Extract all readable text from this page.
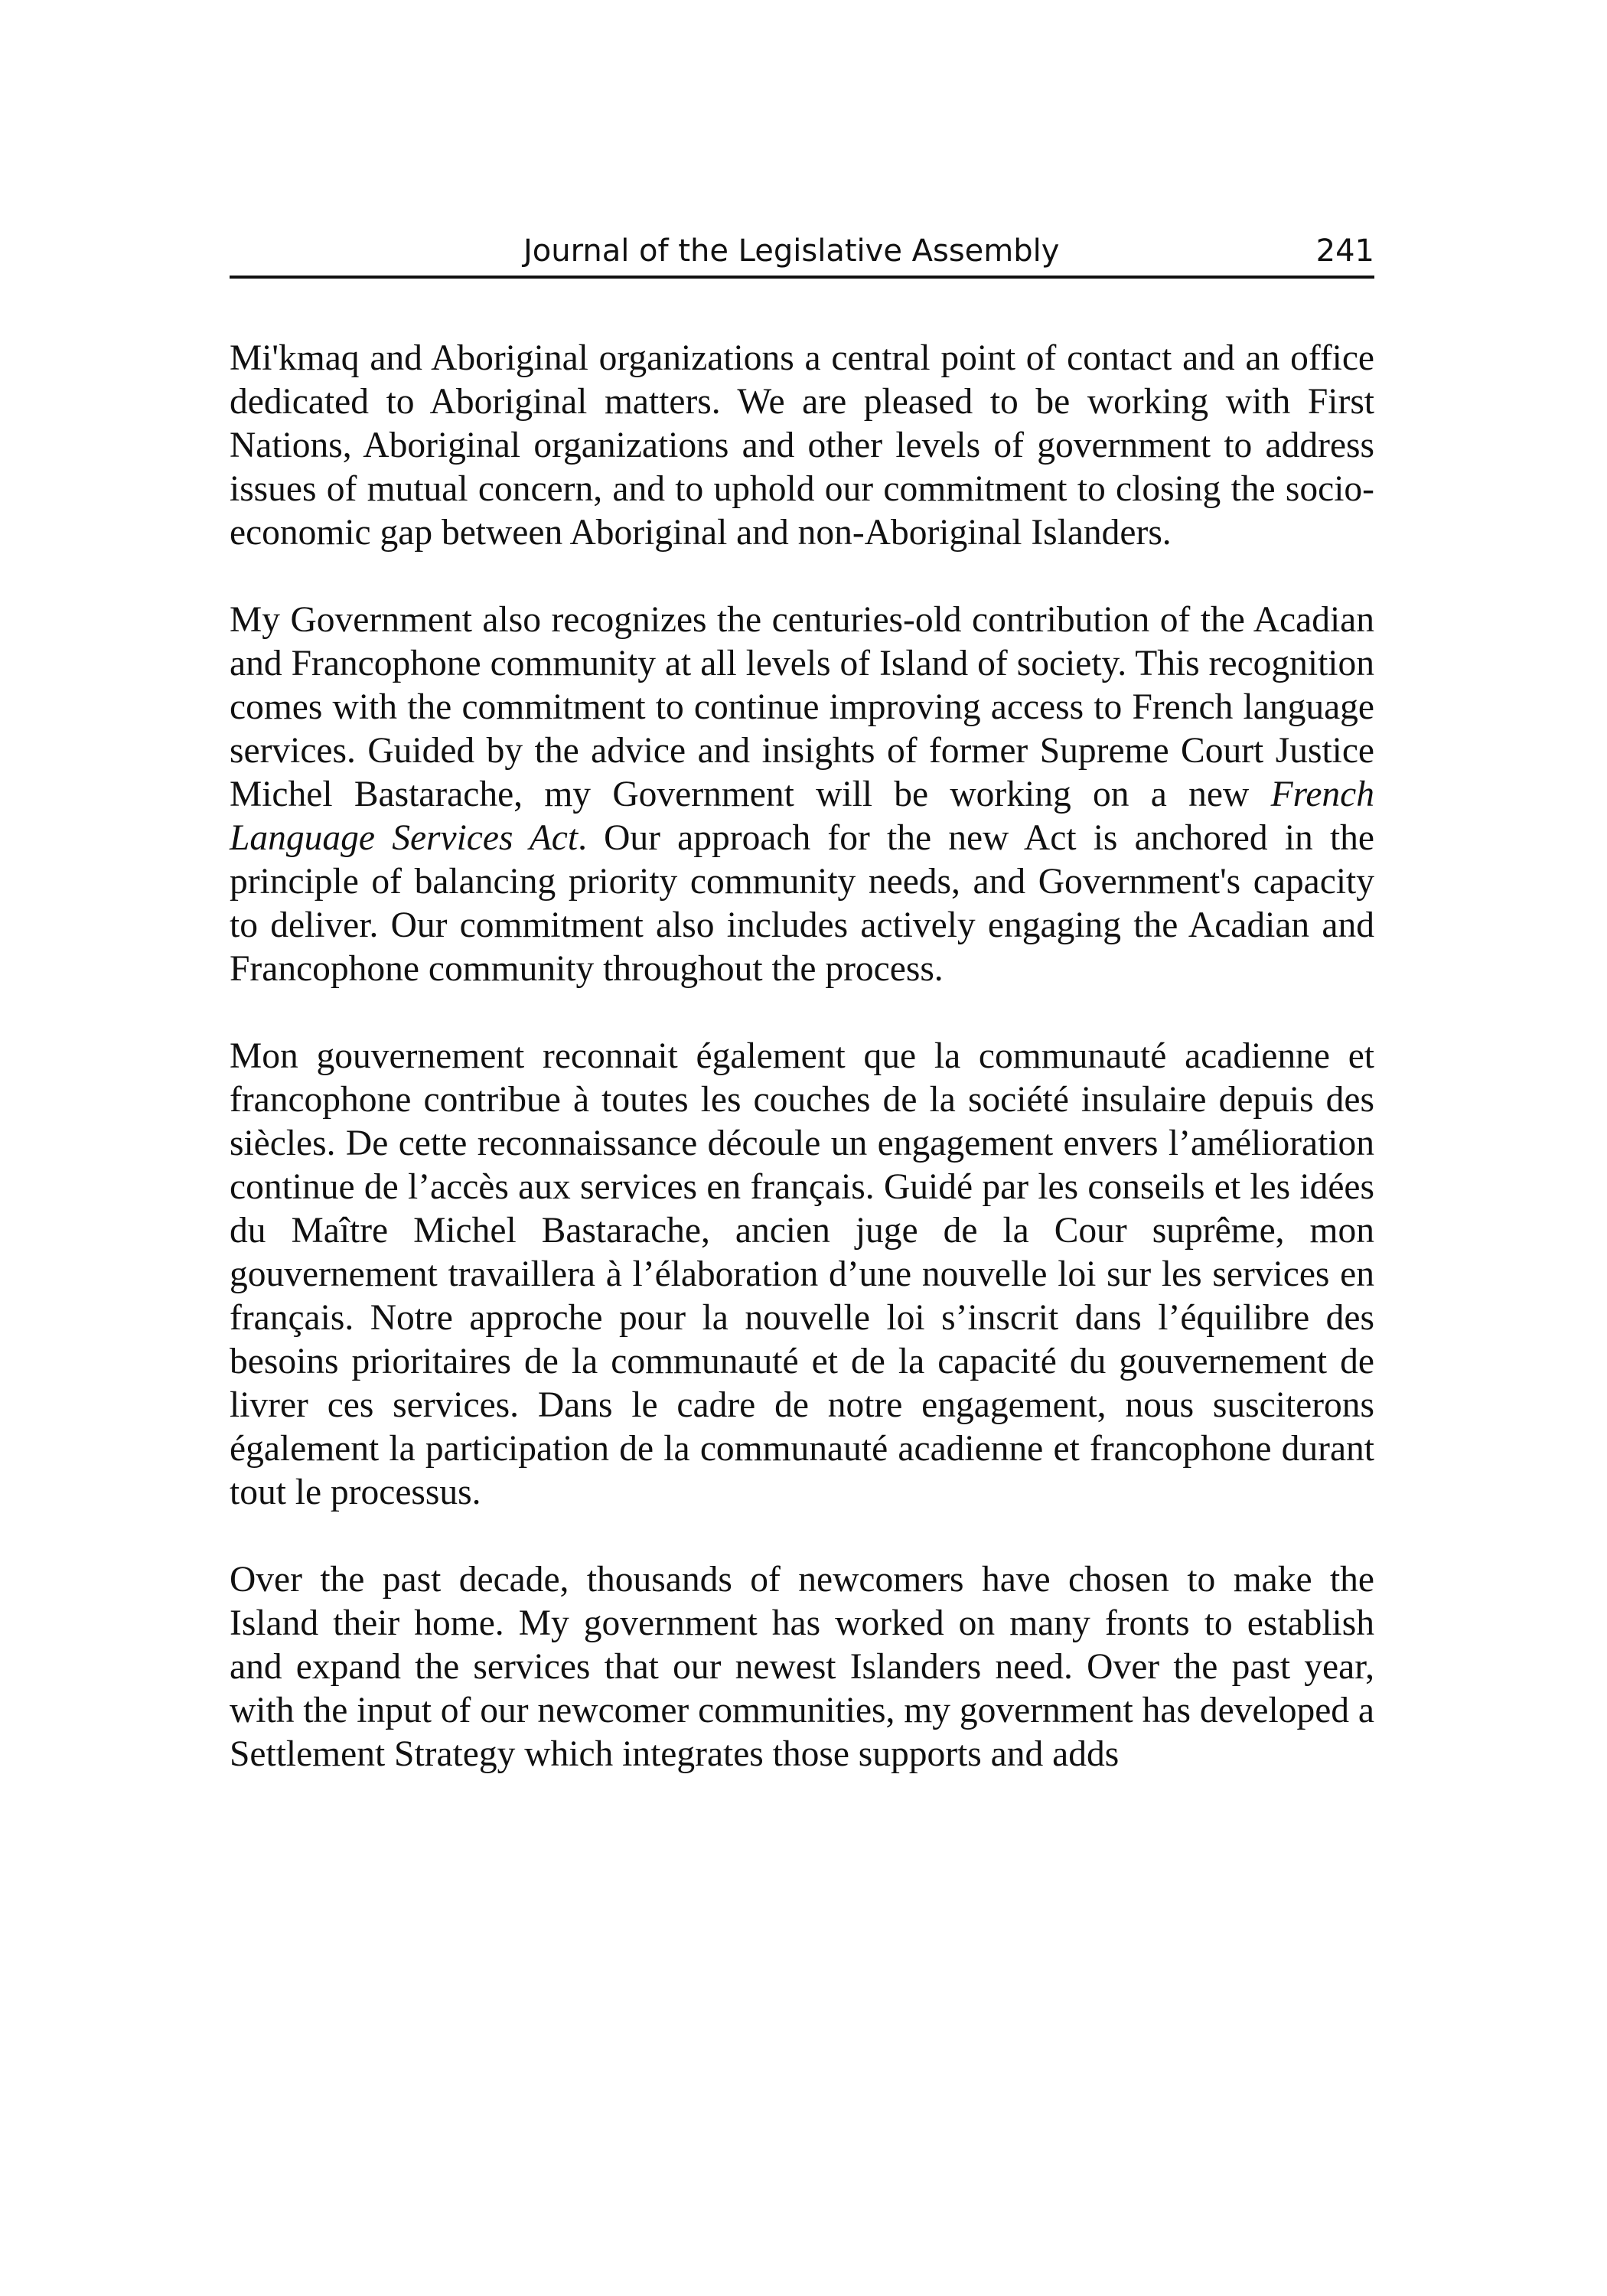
Journal of the Legislative Assembly	241

Mi'kmaq and Aboriginal organizations a central point of contact and an office dedicated to Aboriginal matters. We are pleased to be working with First Nations, Aboriginal organizations and other levels of government to address issues of mutual concern, and to uphold our commitment to closing the socio-economic gap between Aboriginal and non-Aboriginal Islanders.

My Government also recognizes the centuries-old contribution of the Acadian and Francophone community at all levels of Island of society. This recognition comes with the commitment to continue improving access to French language services. Guided by the advice and insights of former Supreme Court Justice Michel Bastarache, my Government will be working on a new French Language Services Act. Our approach for the new Act is anchored in the principle of balancing priority community needs, and Government's capacity to deliver. Our commitment also includes actively engaging the Acadian and Francophone community throughout the process.

Mon gouvernement reconnait également que la communauté acadienne et francophone contribue à toutes les couches de la société insulaire depuis des siècles. De cette reconnaissance découle un engagement envers l’amélioration continue de l’accès aux services en français. Guidé par les conseils et les idées du Maître Michel Bastarache, ancien juge de la Cour suprême, mon gouvernement travaillera à l’élaboration d’une nouvelle loi sur les services en français. Notre approche pour la nouvelle loi s’inscrit dans l’équilibre des besoins prioritaires de la communauté et de la capacité du gouvernement de livrer ces services. Dans le cadre de notre engagement, nous susciterons également la participation de la communauté acadienne et francophone durant tout le processus.

Over the past decade, thousands of newcomers have chosen to make the Island their home. My government has worked on many fronts to establish and expand the services that our newest Islanders need. Over the past year, with the input of our newcomer communities, my government has developed a Settlement Strategy which integrates those supports and adds
